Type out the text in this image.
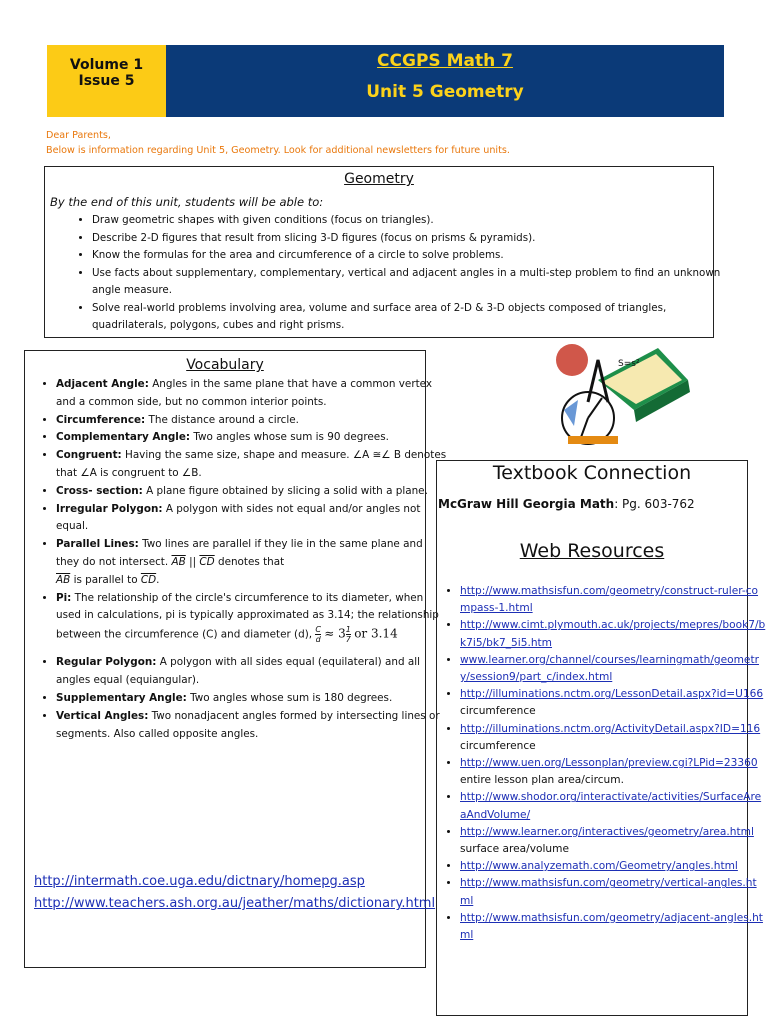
Volume 1 Issue 5
CCGPS Math 7
Unit 5 Geometry
Dear Parents,
Below is information regarding Unit 5, Geometry. Look for additional newsletters for future units.
Geometry
By the end of this unit, students will be able to:
• Draw geometric shapes with given conditions (focus on triangles).
• Describe 2-D figures that result from slicing 3-D figures (focus on prisms & pyramids).
• Know the formulas for the area and circumference of a circle to solve problems.
• Use facts about supplementary, complementary, vertical and adjacent angles in a multi-step problem to find an unknown angle measure.
• Solve real-world problems involving area, volume and surface area of 2-D & 3-D objects composed of triangles, quadrilaterals, polygons, cubes and right prisms.
Vocabulary
• Adjacent Angle: Angles in the same plane that have a common vertex and a common side, but no common interior points.
• Circumference: The distance around a circle.
• Complementary Angle: Two angles whose sum is 90 degrees.
• Congruent: Having the same size, shape and measure. ∠A ≅∠ B denotes that ∠A is congruent to ∠B.
• Cross- section: A plane figure obtained by slicing a solid with a plane.
• Irregular Polygon: A polygon with sides not equal and/or angles not equal.
• Parallel Lines: Two lines are parallel if they lie in the same plane and they do not intersect. $\overline{AB}$ || $\overline{CD}$ denotes that
$\overline{AB}$ is parallel to $\overline{CD}$.
• Pi: The relationship of the circle's circumference to its diameter, when used in calculations, pi is typically approximated as 3.14; the relationship between the circumference (C) and diameter (d), $\frac{C}{d} \approx 3 \frac{1}{7}$ or 3.14
• Regular Polygon: A polygon with all sides equal (equilateral) and all angles equal (equiangular).
• Supplementary Angle: Two angles whose sum is 180 degrees.
• Vertical Angles: Two nonadjacent angles formed by intersecting lines or segments. Also called opposite angles.
http://intermath.coe.uga.edu/dictnary/homepg.asp
http://www.teachers.ash.org.au/jeather/maths/dictionary.html
S=s²
Textbook Connection
McGraw Hill Georgia Math: Pg. 603-762
Web Resources
• http://www.mathsisfun.com/geometry/construct-ruler-compass-1.html
• http://www.cimt.plymouth.ac.uk/projects/mepres/book7/bk7i5/bk7_5i5.htm
• www.learner.org/channel/courses/learningmath/geometry/session9/part_c/index.html
• http://illuminations.nctm.org/LessonDetail.aspx?id=U166 circumference
• http://illuminations.nctm.org/ActivityDetail.aspx?ID=116 circumference
• http://www.uen.org/Lessonplan/preview.cgi?LPid=23360 entire lesson plan area/circum.
• http://www.shodor.org/interactivate/activities/SurfaceAreaAndVolume/
• http://www.learner.org/interactives/geometry/area.html surface area/volume
• http://www.analyzemath.com/Geometry/angles.html
• http://www.mathsisfun.com/geometry/vertical-angles.html
• http://www.mathsisfun.com/geometry/adjacent-angles.html
